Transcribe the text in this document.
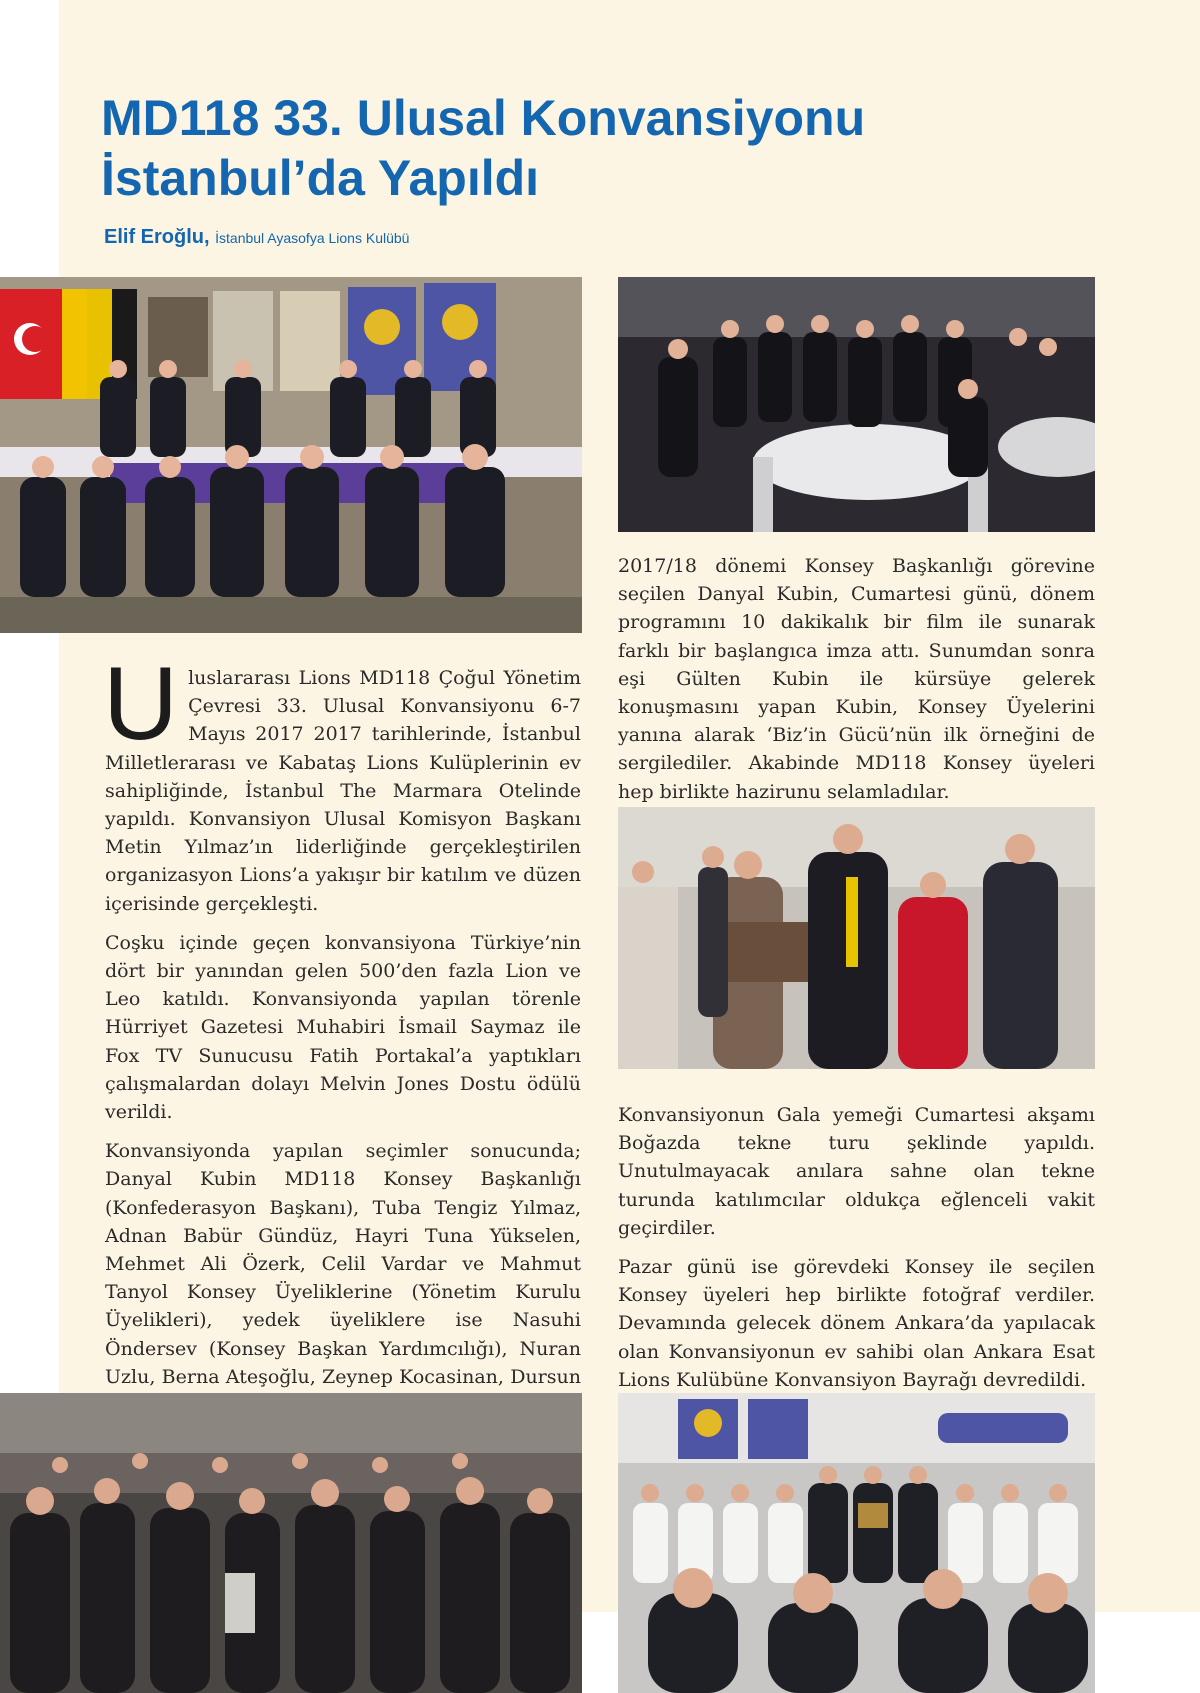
MD118 33. Ulusal Konvansiyonu
İstanbul’da Yapıldı

Elif Eroğlu, İstanbul Ayasofya Lions Kulübü

Uluslararası Lions MD118 Çoğul Yönetim Çevresi 33. Ulusal Konvansiyonu 6-7 Mayıs 2017 2017 tarihlerinde, İstanbul Milletlerarası ve Kabataş Lions Kulüplerinin ev sahipliğinde, İstanbul The Marmara Otelinde yapıldı. Konvansiyon Ulusal Komisyon Başkanı Metin Yılmaz’ın liderliğinde gerçekleştirilen organizasyon Lions’a yakışır bir katılım ve düzen içerisinde gerçekleşti.

Coşku içinde geçen konvansiyona Türkiye’nin dört bir yanından gelen 500’den fazla Lion ve Leo katıldı. Konvansiyonda yapılan törenle Hürriyet Gazetesi Muhabiri İsmail Saymaz ile Fox TV Sunucusu Fatih Portakal’a yaptıkları çalışmalardan dolayı Melvin Jones Dostu ödülü verildi.

Konvansiyonda yapılan seçimler sonucunda; Danyal Kubin MD118 Konsey Başkanlığı (Konfederasyon Başkanı), Tuba Tengiz Yılmaz, Adnan Babür Gündüz, Hayri Tuna Yükselen, Mehmet Ali Özerk, Celil Vardar ve Mahmut Tanyol Konsey Üyeliklerine (Yönetim Kurulu Üyelikleri), yedek üyeliklere ise Nasuhi Öndersev (Konsey Başkan Yardımcılığı), Nuran Uzlu, Berna Ateşoğlu, Zeynep Kocasinan, Dursun

2017/18 dönemi Konsey Başkanlığı görevine seçilen Danyal Kubin, Cumartesi günü, dönem programını 10 dakikalık bir film ile sunarak farklı bir başlangıca imza attı. Sunumdan sonra eşi Gülten Kubin ile kürsüye gelerek konuşmasını yapan Kubin, Konsey Üyelerini yanına alarak ‘Biz’in Gücü’nün ilk örneğini de sergilediler. Akabinde MD118 Konsey üyeleri hep birlikte hazirunu selamladılar.

Konvansiyonun Gala yemeği Cumartesi akşamı Boğazda tekne turu şeklinde yapıldı. Unutulmayacak anılara sahne olan tekne turunda katılımcılar oldukça eğlenceli vakit geçirdiler.

Pazar günü ise görevdeki Konsey ile seçilen Konsey üyeleri hep birlikte fotoğraf verdiler. Devamında gelecek dönem Ankara’da yapılacak olan Konvansiyonun ev sahibi olan Ankara Esat Lions Kulübüne Konvansiyon Bayrağı devredildi.
